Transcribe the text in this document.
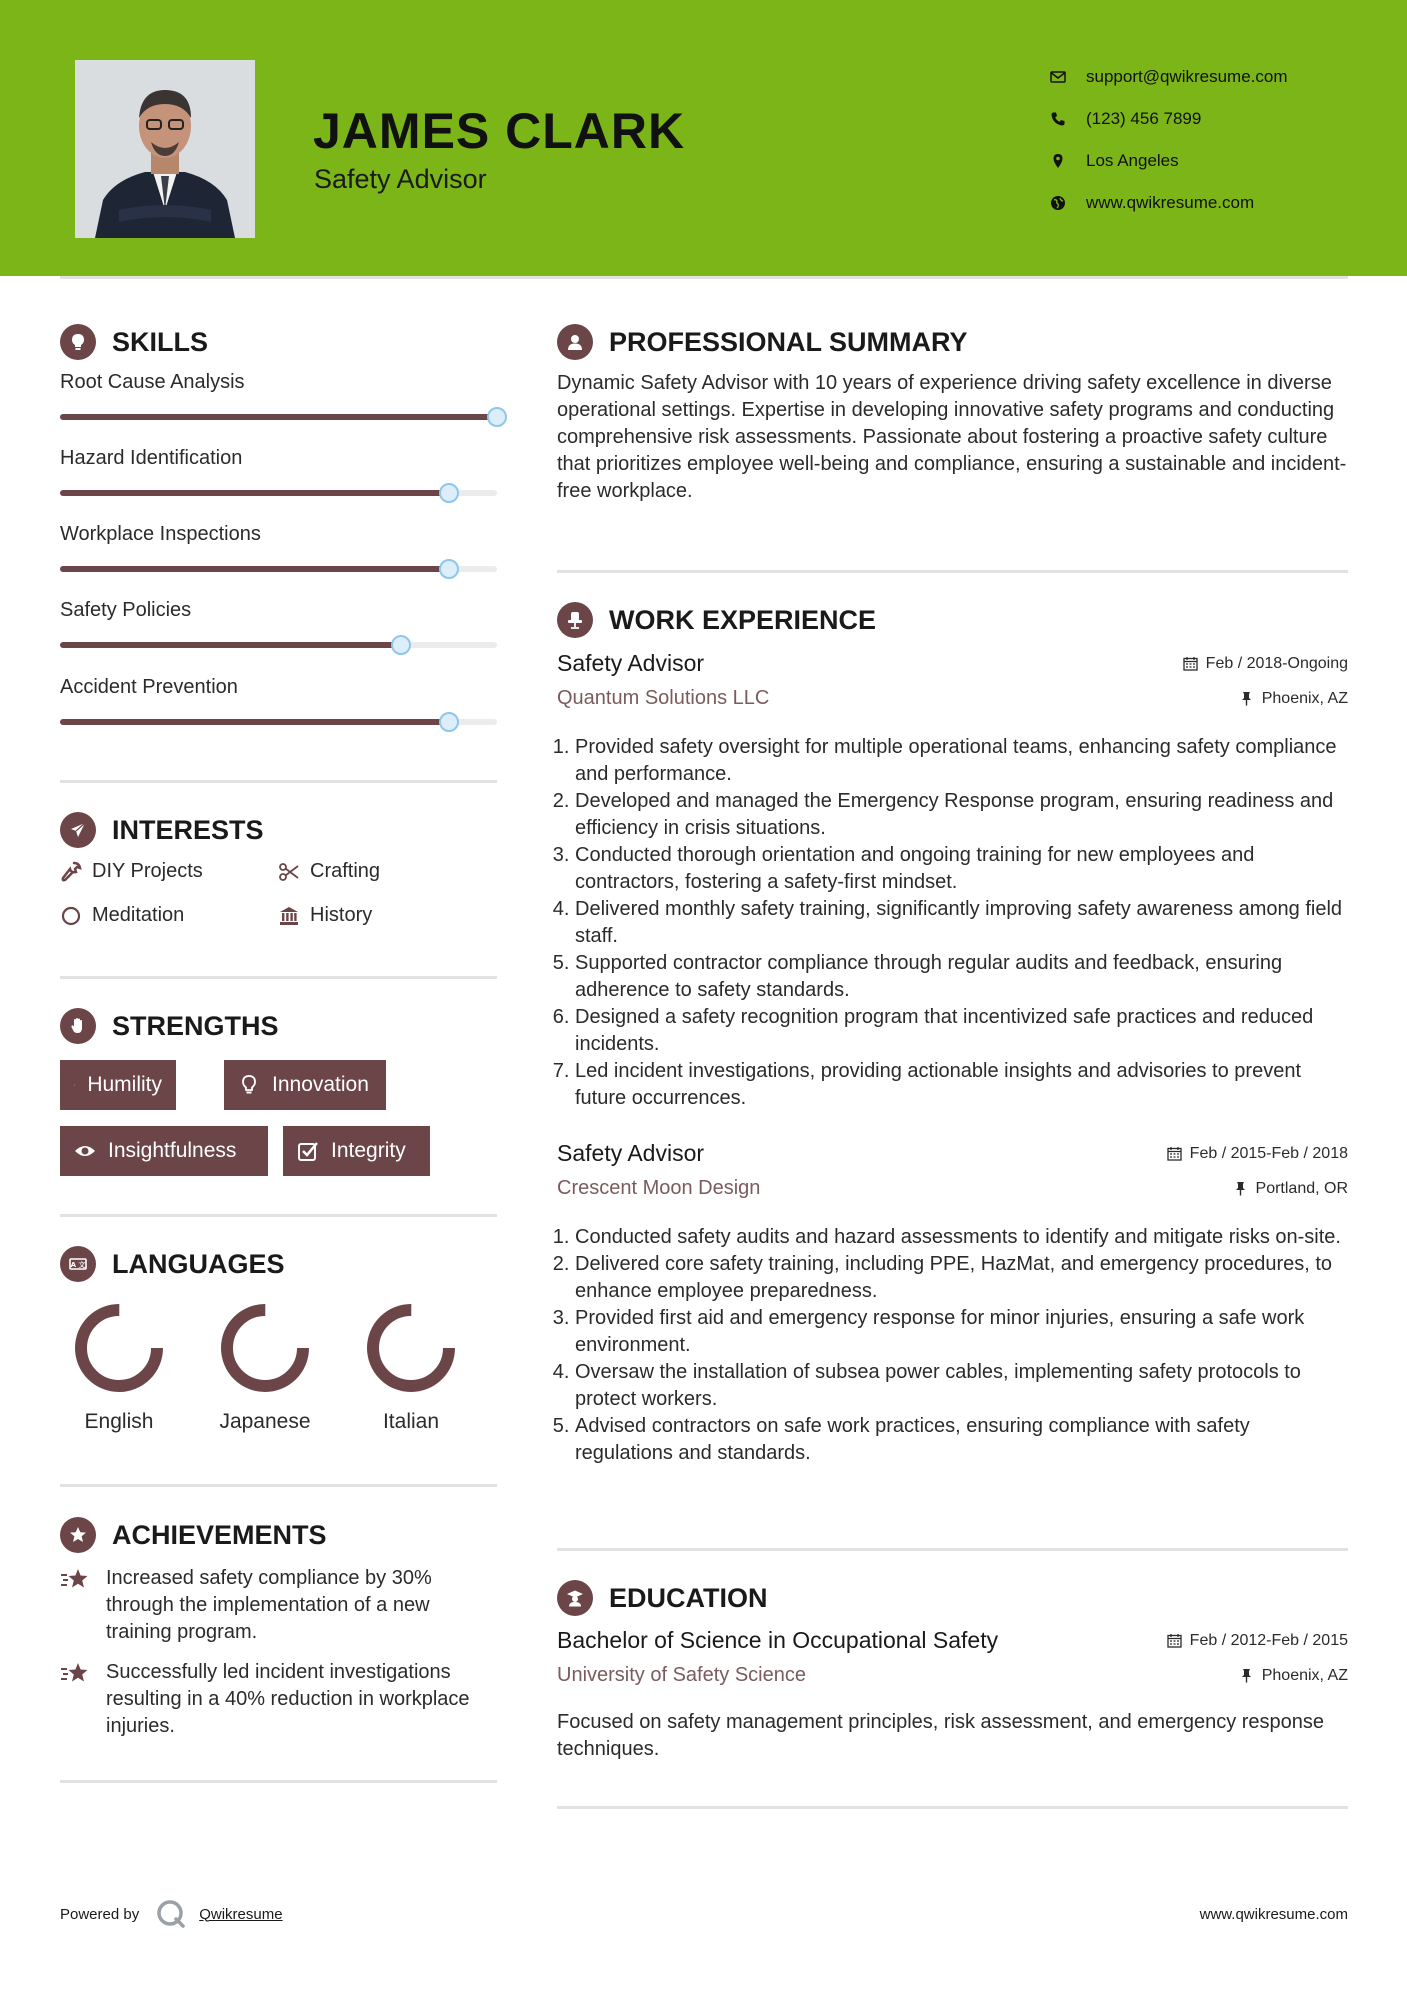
JAMES CLARK
Safety Advisor
support@qwikresume.com
(123) 456 7899
Los Angeles
www.qwikresume.com
SKILLS
Root Cause Analysis
Hazard Identification
Workplace Inspections
Safety Policies
Accident Prevention
INTERESTS
DIY Projects	Crafting
Meditation	History
STRENGTHS
Humility	Innovation
Insightfulness	Integrity
A 文 LANGUAGES
English	Japanese	Italian
ACHIEVEMENTS
Increased safety compliance by 30% through the implementation of a new training program.
Successfully led incident investigations resulting in a 40% reduction in workplace injuries.
PROFESSIONAL SUMMARY
Dynamic Safety Advisor with 10 years of experience driving safety excellence in diverse operational settings. Expertise in developing innovative safety programs and conducting comprehensive risk assessments. Passionate about fostering a proactive safety culture that prioritizes employee well-being and compliance, ensuring a sustainable and incident-free workplace.
WORK EXPERIENCE
Safety Advisor	Feb / 2018-Ongoing
Quantum Solutions LLC	Phoenix, AZ
1. Provided safety oversight for multiple operational teams, enhancing safety compliance and performance.
2. Developed and managed the Emergency Response program, ensuring readiness and efficiency in crisis situations.
3. Conducted thorough orientation and ongoing training for new employees and contractors, fostering a safety-first mindset.
4. Delivered monthly safety training, significantly improving safety awareness among field staff.
5. Supported contractor compliance through regular audits and feedback, ensuring adherence to safety standards.
6. Designed a safety recognition program that incentivized safe practices and reduced incidents.
7. Led incident investigations, providing actionable insights and advisories to prevent future occurrences.
Safety Advisor	Feb / 2015-Feb / 2018
Crescent Moon Design	Portland, OR
1. Conducted safety audits and hazard assessments to identify and mitigate risks on-site.
2. Delivered core safety training, including PPE, HazMat, and emergency procedures, to enhance employee preparedness.
3. Provided first aid and emergency response for minor injuries, ensuring a safe work environment.
4. Oversaw the installation of subsea power cables, implementing safety protocols to protect workers.
5. Advised contractors on safe work practices, ensuring compliance with safety regulations and standards.
EDUCATION
Bachelor of Science in Occupational Safety	Feb / 2012-Feb / 2015
University of Safety Science	Phoenix, AZ
Focused on safety management principles, risk assessment, and emergency response techniques.
Powered by	Qwikresume	www.qwikresume.com
